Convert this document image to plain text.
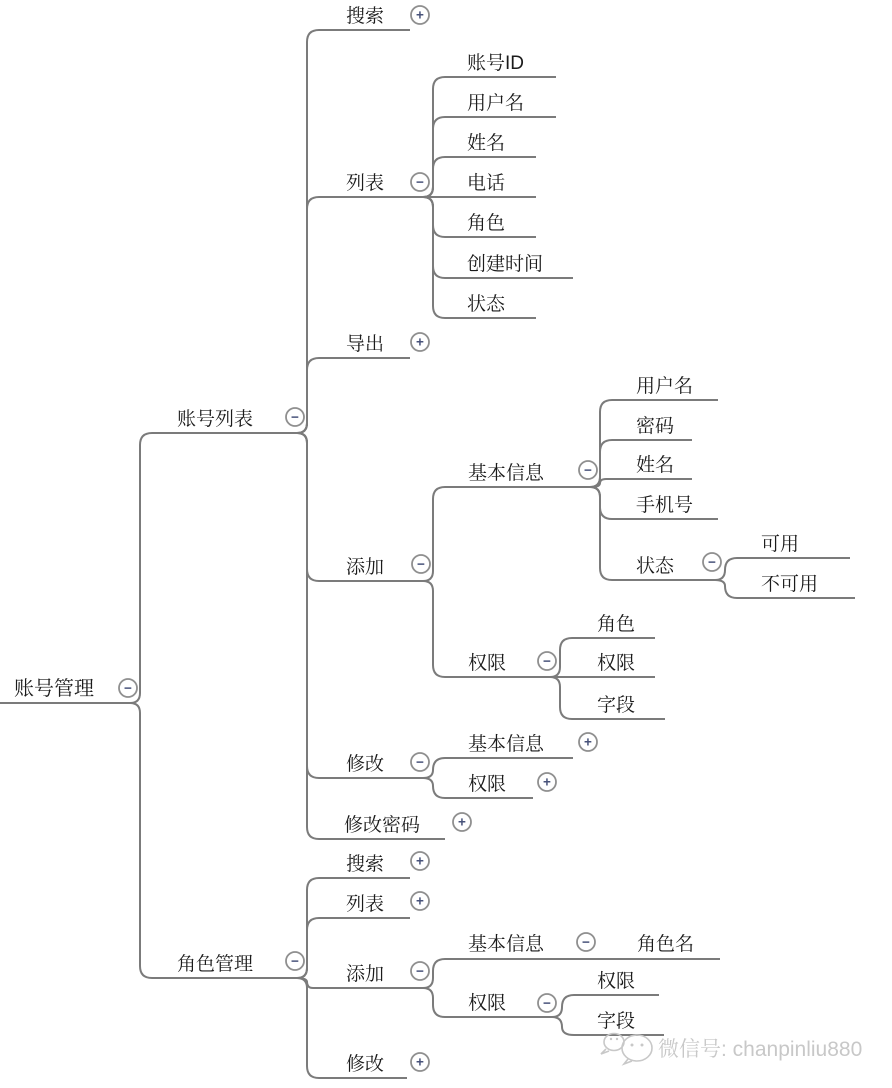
账号管理
账号列表
角色管理
搜索
列表
导出
添加
修改
修改密码
账号ID
用户名
姓名
电话
角色
创建时间
状态
基本信息
权限
用户名
密码
姓名
手机号
状态
可用
不可用
角色
权限
字段
基本信息
权限
搜索
列表
添加
修改
基本信息
权限
角色名
权限
字段
−
−
−
+
−
+
−
−
+
−
−
−
+
+
+
+
−
+
−
−
微信号: chanpinliu880
